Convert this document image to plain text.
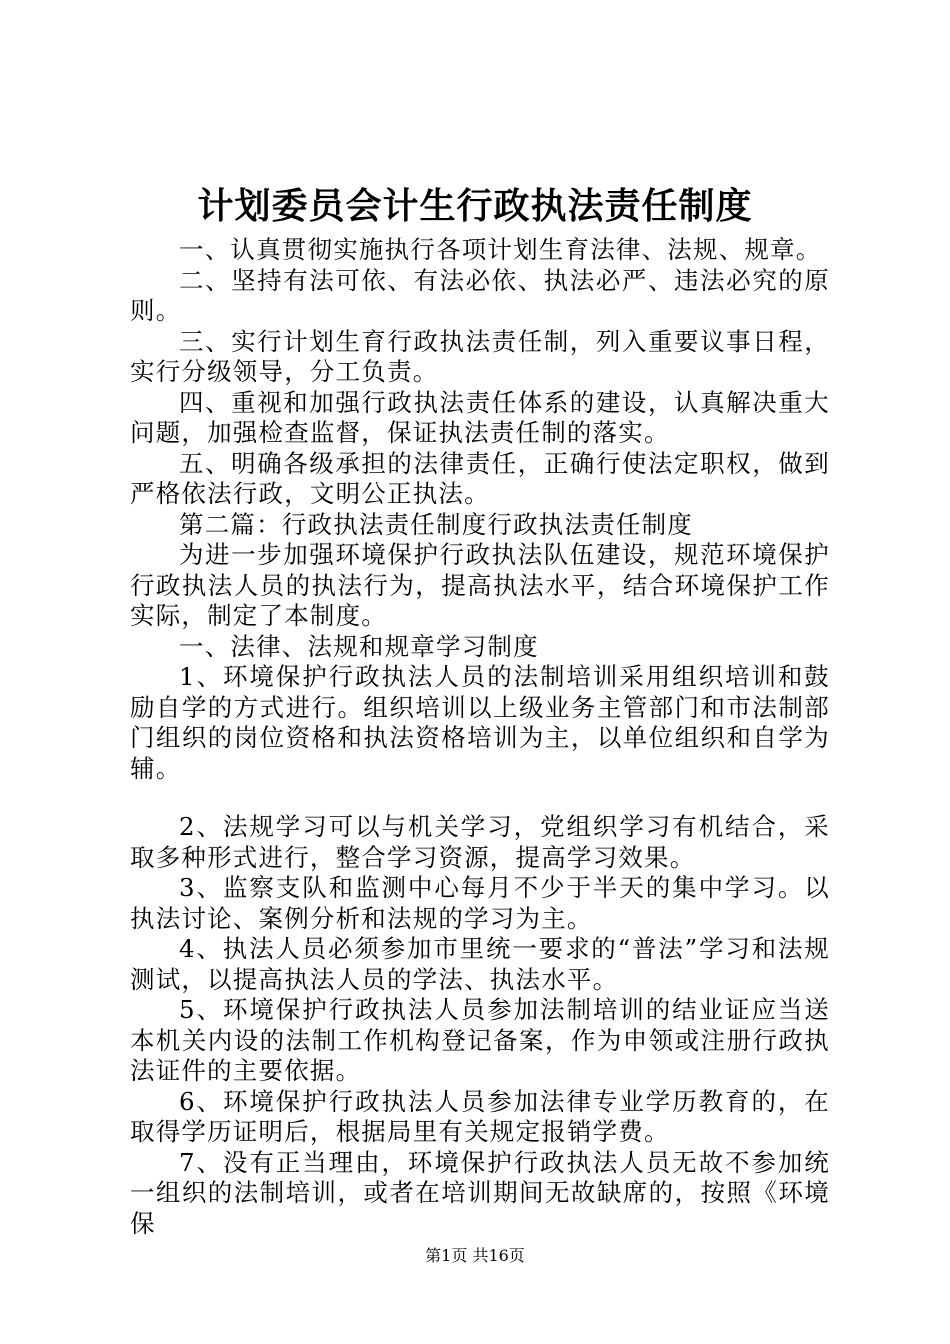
计划委员会计生行政执法责任制度

一、认真贯彻实施执行各项计划生育法律、法规、规章。

二、坚持有法可依、有法必依、执法必严、违法必究的原则。

三、实行计划生育行政执法责任制，列入重要议事日程，实行分级领导，分工负责。

四、重视和加强行政执法责任体系的建设，认真解决重大问题，加强检查监督，保证执法责任制的落实。

五、明确各级承担的法律责任，正确行使法定职权，做到严格依法行政，文明公正执法。

第二篇：行政执法责任制度行政执法责任制度

为进一步加强环境保护行政执法队伍建设，规范环境保护行政执法人员的执法行为，提高执法水平，结合环境保护工作实际，制定了本制度。

一、法律、法规和规章学习制度

1、环境保护行政执法人员的法制培训采用组织培训和鼓励自学的方式进行。组织培训以上级业务主管部门和市法制部门组织的岗位资格和执法资格培训为主，以单位组织和自学为辅。

2、法规学习可以与机关学习，党组织学习有机结合，采取多种形式进行，整合学习资源，提高学习效果。

3、监察支队和监测中心每月不少于半天的集中学习。以执法讨论、案例分析和法规的学习为主。

4、执法人员必须参加市里统一要求的“普法”学习和法规测试，以提高执法人员的学法、执法水平。

5、环境保护行政执法人员参加法制培训的结业证应当送本机关内设的法制工作机构登记备案，作为申领或注册行政执法证件的主要依据。

6、环境保护行政执法人员参加法律专业学历教育的，在取得学历证明后，根据局里有关规定报销学费。

7、没有正当理由，环境保护行政执法人员无故不参加统一组织的法制培训，或者在培训期间无故缺席的，按照《环境保

第1页 共16页
